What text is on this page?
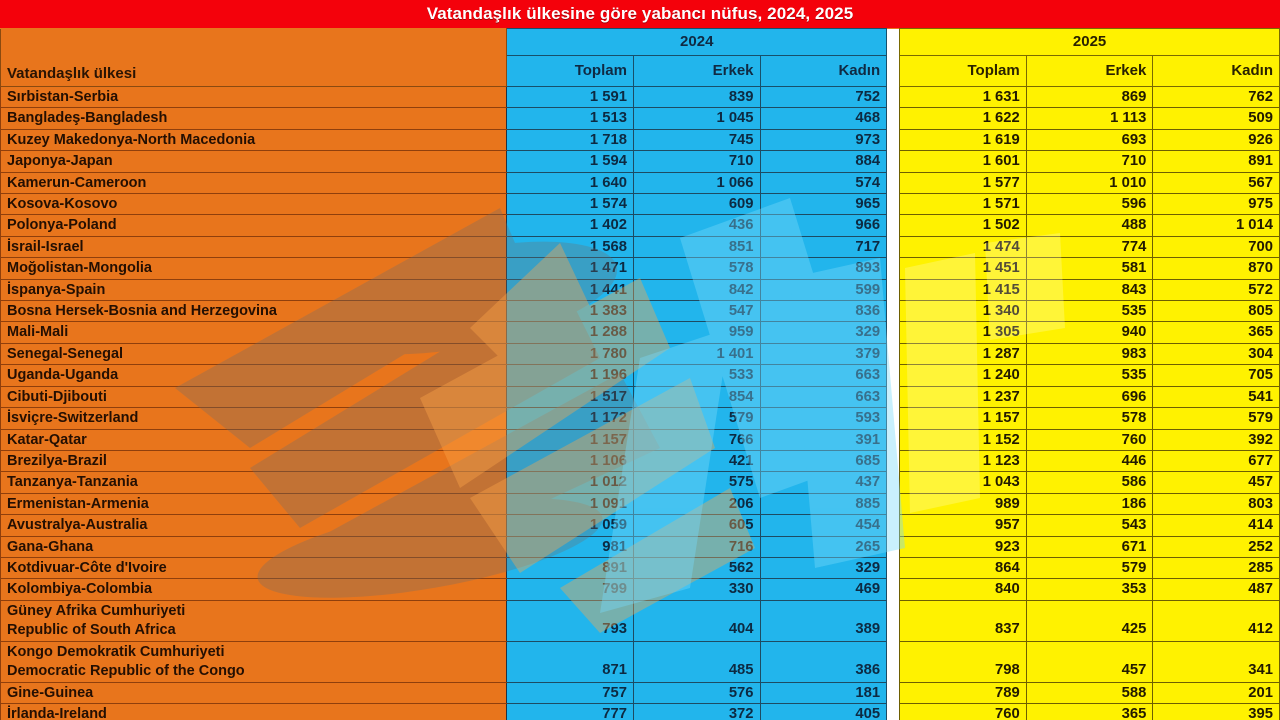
Vatandaşlık ülkesine göre yabancı nüfus, 2024, 2025
Vatandaşlık ülkesi	2024				2025		
	Toplam	Erkek	Kadın		Toplam	Erkek	Kadın
Sırbistan-Serbia	1 591	839	752		1 631	869	762
Bangladeş-Bangladesh	1 513	1 045	468		1 622	1 113	509
Kuzey Makedonya-North Macedonia	1 718	745	973		1 619	693	926
Japonya-Japan	1 594	710	884		1 601	710	891
Kamerun-Cameroon	1 640	1 066	574		1 577	1 010	567
Kosova-Kosovo	1 574	609	965		1 571	596	975
Polonya-Poland	1 402	436	966		1 502	488	1 014
İsrail-Israel	1 568	851	717		1 474	774	700
Moğolistan-Mongolia	1 471	578	893		1 451	581	870
İspanya-Spain	1 441	842	599		1 415	843	572
Bosna Hersek-Bosnia and Herzegovina	1 383	547	836		1 340	535	805
Mali-Mali	1 288	959	329		1 305	940	365
Senegal-Senegal	1 780	1 401	379		1 287	983	304
Uganda-Uganda	1 196	533	663		1 240	535	705
Cibuti-Djibouti	1 517	854	663		1 237	696	541
İsviçre-Switzerland	1 172	579	593		1 157	578	579
Katar-Qatar	1 157	766	391		1 152	760	392
Brezilya-Brazil	1 106	421	685		1 123	446	677
Tanzanya-Tanzania	1 012	575	437		1 043	586	457
Ermenistan-Armenia	1 091	206	885		989	186	803
Avustralya-Australia	1 059	605	454		957	543	414
Gana-Ghana	981	716	265		923	671	252
Kotdivuar-Côte d'Ivoire	891	562	329		864	579	285
Kolombiya-Colombia	799	330	469		840	353	487

Güney Afrika Cumhuriyeti
Republic of South Africa	793	404	389		837	425	412

Kongo Demokratik Cumhuriyeti
Democratic Republic of the Congo	871	485	386		798	457	341
Gine-Guinea	757	576	181		789	588	201
İrlanda-Ireland	777	372	405		760	365	395
